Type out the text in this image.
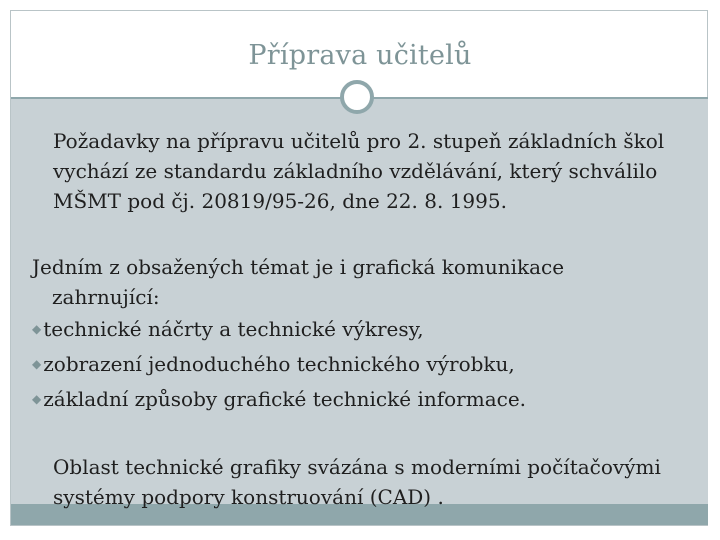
Příprava učitelů
Požadavky na přípravu učitelů pro 2. stupeň základních škol vychází ze standardu základního vzdělávání, který schválilo MŠMT pod čj. 20819/95-26, dne 22. 8. 1995.
Jedním z obsažených témat je i grafická komunikace
zahrnující:
◆ technické náčrty a technické výkresy,
◆ zobrazení jednoduchého technického výrobku,
◆ základní způsoby grafické technické informace.
Oblast technické grafiky svázána s moderními počítačovými systémy podpory konstruování (CAD) .
